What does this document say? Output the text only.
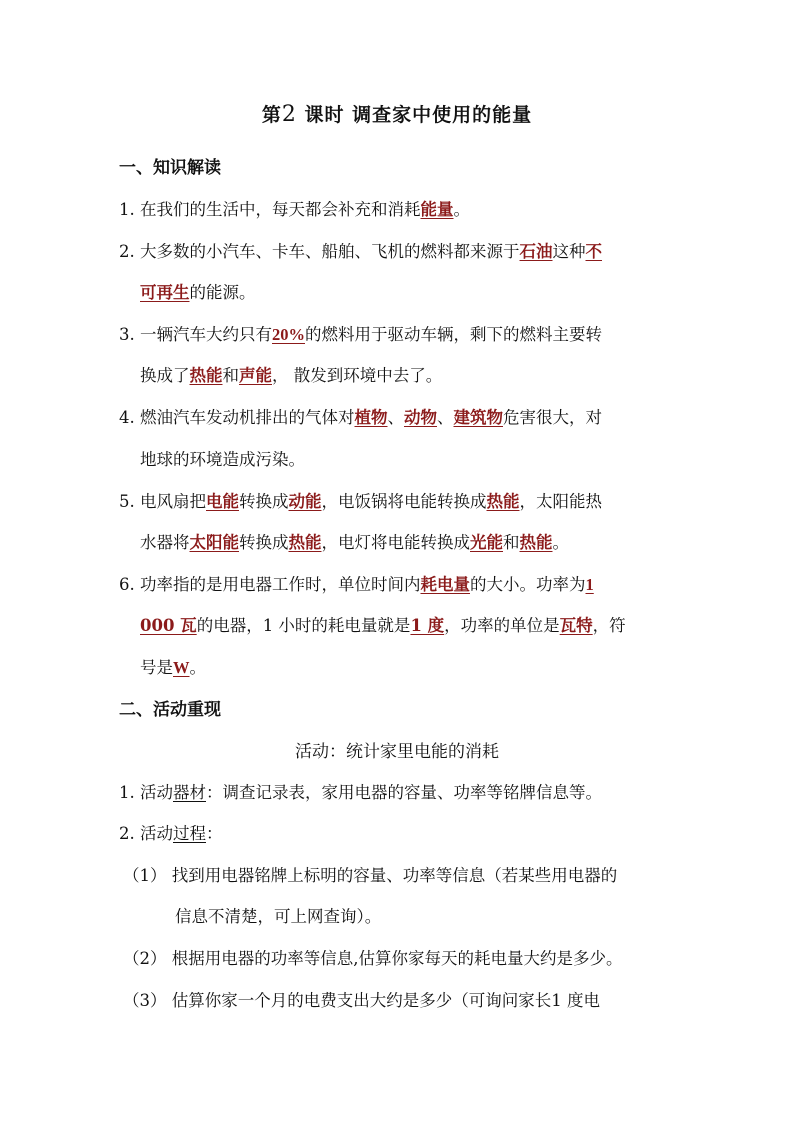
第2 课时 调查家中使用的能量
一、知识解读
1. 在我们的生活中，每天都会补充和消耗能量。
2. 大多数的小汽车、卡车、船舶、飞机的燃料都来源于石油这种不
可再生的能源。
3. 一辆汽车大约只有20%的燃料用于驱动车辆，剩下的燃料主要转
换成了热能和声能， 散发到环境中去了。
4. 燃油汽车发动机排出的气体对植物、动物、建筑物危害很大，对
地球的环境造成污染。
5. 电风扇把电能转换成动能，电饭锅将电能转换成热能，太阳能热
水器将太阳能转换成热能，电灯将电能转换成光能和热能。
6. 功率指的是用电器工作时，单位时间内耗电量的大小。功率为1
000 瓦的电器，1 小时的耗电量就是1 度，功率的单位是瓦特，符
号是W。
二、活动重现
活动：统计家里电能的消耗
1. 活动器材：调查记录表，家用电器的容量、功率等铭牌信息等。
2. 活动过程：
（1） 找到用电器铭牌上标明的容量、功率等信息（若某些用电器的
信息不清楚，可上网查询）。
（2） 根据用电器的功率等信息,估算你家每天的耗电量大约是多少。
（3） 估算你家一个月的电费支出大约是多少（可询问家长1 度电
